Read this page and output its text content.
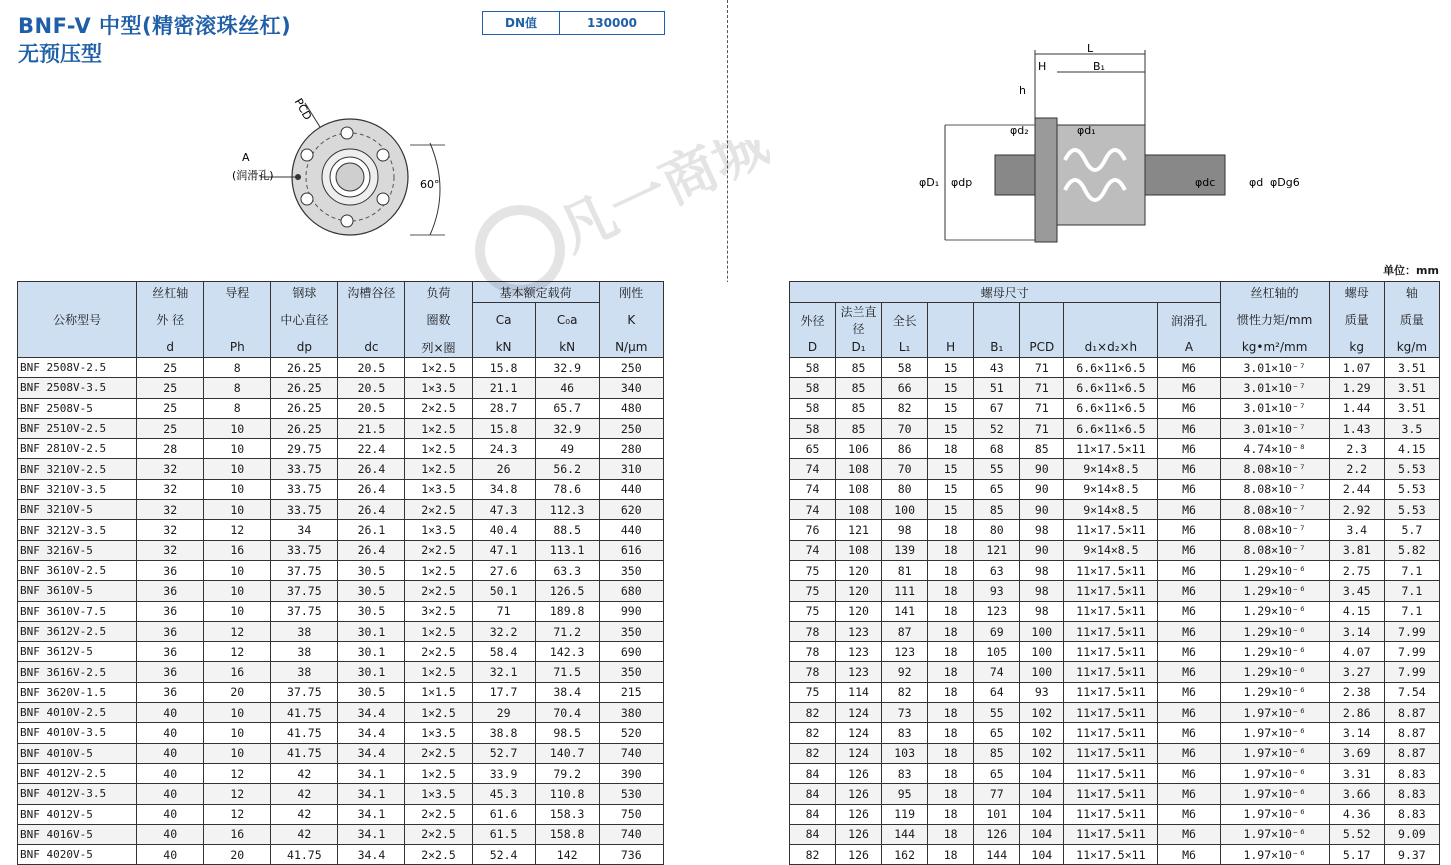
BNF-V 中型(精密滚珠丝杠)
无预压型
DN值	130000
A
(润滑孔)
60°
PCD
L
H	B₁
h
φd₂	φd₁
φD₁ φdp	φdc	φd φDg6
单位：mm
公称型号	丝杠轴	导程	钢球	沟槽谷径	负荷	基本额定载荷		刚性		螺母尺寸								丝杠轴的	螺母	轴
	外 径		中心直径		圈数	Ca	C₀a	K		外径	法兰直径	全长					润滑孔	惯性力矩/mm	质量	质量
	d	Ph	dp	dc	列×圈	kN	kN	N/μm		D	D₁	L₁	H	B₁	PCD	d₁×d₂×h	A	kg•m²/mm	kg	kg/m
BNF 2508V-2.5	25	8	26.25	20.5	1×2.5	15.8	32.9	250		58	85	58	15	43	71	6.6×11×6.5	M6	3.01×10⁻⁷	1.07	3.51
BNF 2508V-3.5	25	8	26.25	20.5	1×3.5	21.1	46	340		58	85	66	15	51	71	6.6×11×6.5	M6	3.01×10⁻⁷	1.29	3.51
BNF 2508V-5	25	8	26.25	20.5	2×2.5	28.7	65.7	480		58	85	82	15	67	71	6.6×11×6.5	M6	3.01×10⁻⁷	1.44	3.51
BNF 2510V-2.5	25	10	26.25	21.5	1×2.5	15.8	32.9	250		58	85	70	15	52	71	6.6×11×6.5	M6	3.01×10⁻⁷	1.43	3.5
BNF 2810V-2.5	28	10	29.75	22.4	1×2.5	24.3	49	280		65	106	86	18	68	85	11×17.5×11	M6	4.74×10⁻⁸	2.3	4.15
BNF 3210V-2.5	32	10	33.75	26.4	1×2.5	26	56.2	310		74	108	70	15	55	90	9×14×8.5	M6	8.08×10⁻⁷	2.2	5.53
BNF 3210V-3.5	32	10	33.75	26.4	1×3.5	34.8	78.6	440		74	108	80	15	65	90	9×14×8.5	M6	8.08×10⁻⁷	2.44	5.53
BNF 3210V-5	32	10	33.75	26.4	2×2.5	47.3	112.3	620		74	108	100	15	85	90	9×14×8.5	M6	8.08×10⁻⁷	2.92	5.53
BNF 3212V-3.5	32	12	34	26.1	1×3.5	40.4	88.5	440		76	121	98	18	80	98	11×17.5×11	M6	8.08×10⁻⁷	3.4	5.7
BNF 3216V-5	32	16	33.75	26.4	2×2.5	47.1	113.1	616		74	108	139	18	121	90	9×14×8.5	M6	8.08×10⁻⁷	3.81	5.82
BNF 3610V-2.5	36	10	37.75	30.5	1×2.5	27.6	63.3	350		75	120	81	18	63	98	11×17.5×11	M6	1.29×10⁻⁶	2.75	7.1
BNF 3610V-5	36	10	37.75	30.5	2×2.5	50.1	126.5	680		75	120	111	18	93	98	11×17.5×11	M6	1.29×10⁻⁶	3.45	7.1
BNF 3610V-7.5	36	10	37.75	30.5	3×2.5	71	189.8	990		75	120	141	18	123	98	11×17.5×11	M6	1.29×10⁻⁶	4.15	7.1
BNF 3612V-2.5	36	12	38	30.1	1×2.5	32.2	71.2	350		78	123	87	18	69	100	11×17.5×11	M6	1.29×10⁻⁶	3.14	7.99
BNF 3612V-5	36	12	38	30.1	2×2.5	58.4	142.3	690		78	123	123	18	105	100	11×17.5×11	M6	1.29×10⁻⁶	4.07	7.99
BNF 3616V-2.5	36	16	38	30.1	1×2.5	32.1	71.5	350		78	123	92	18	74	100	11×17.5×11	M6	1.29×10⁻⁶	3.27	7.99
BNF 3620V-1.5	36	20	37.75	30.5	1×1.5	17.7	38.4	215		75	114	82	18	64	93	11×17.5×11	M6	1.29×10⁻⁶	2.38	7.54
BNF 4010V-2.5	40	10	41.75	34.4	1×2.5	29	70.4	380		82	124	73	18	55	102	11×17.5×11	M6	1.97×10⁻⁶	2.86	8.87
BNF 4010V-3.5	40	10	41.75	34.4	1×3.5	38.8	98.5	520		82	124	83	18	65	102	11×17.5×11	M6	1.97×10⁻⁶	3.14	8.87
BNF 4010V-5	40	10	41.75	34.4	2×2.5	52.7	140.7	740		82	124	103	18	85	102	11×17.5×11	M6	1.97×10⁻⁶	3.69	8.87
BNF 4012V-2.5	40	12	42	34.1	1×2.5	33.9	79.2	390		84	126	83	18	65	104	11×17.5×11	M6	1.97×10⁻⁶	3.31	8.83
BNF 4012V-3.5	40	12	42	34.1	1×3.5	45.3	110.8	530		84	126	95	18	77	104	11×17.5×11	M6	1.97×10⁻⁶	3.66	8.83
BNF 4012V-5	40	12	42	34.1	2×2.5	61.6	158.3	750		84	126	119	18	101	104	11×17.5×11	M6	1.97×10⁻⁶	4.36	8.83
BNF 4016V-5	40	16	42	34.1	2×2.5	61.5	158.8	740		84	126	144	18	126	104	11×17.5×11	M6	1.97×10⁻⁶	5.52	9.09
BNF 4020V-5	40	20	41.75	34.4	2×2.5	52.4	142	736		82	126	162	18	144	104	11×17.5×11	M6	1.97×10⁻⁶	5.17	9.37
凡一商城
